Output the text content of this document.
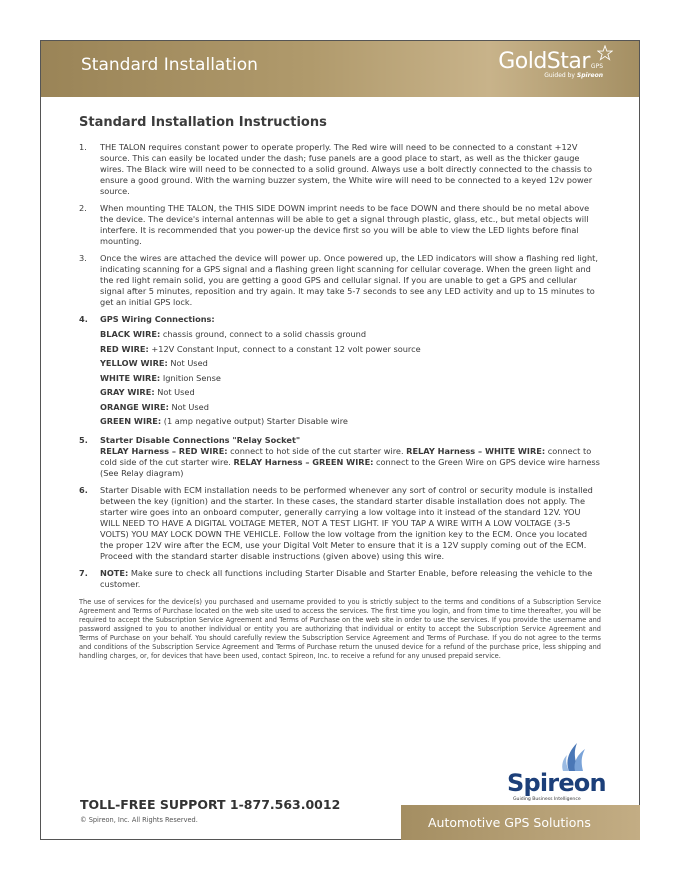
Standard Installation	GoldStarGPS
Guided by Spireon
Standard Installation Instructions
1. THE TALON requires constant power to operate properly. The Red wire will need to be connected to a constant +12V source. This can easily be located under the dash; fuse panels are a good place to start, as well as the thicker gauge wires. The Black wire will need to be connected to a solid ground. Always use a bolt directly connected to the chassis to ensure a good ground. With the warning buzzer system, the White wire will need to be connected to a keyed 12v power source.
2. When mounting THE TALON, the THIS SIDE DOWN imprint needs to be face DOWN and there should be no metal above the device. The device's internal antennas will be able to get a signal through plastic, glass, etc., but metal objects will interfere. It is recommended that you power-up the device first so you will be able to view the LED lights before final mounting.
3. Once the wires are attached the device will power up. Once powered up, the LED indicators will show a flashing red light, indicating scanning for a GPS signal and a flashing green light scanning for cellular coverage. When the green light and the red light remain solid, you are getting a good GPS and cellular signal. If you are unable to get a GPS and cellular signal after 5 minutes, reposition and try again. It may take 5-7 seconds to see any LED activity and up to 15 minutes to get an initial GPS lock.
4. GPS Wiring Connections:
BLACK WIRE: chassis ground, connect to a solid chassis ground
RED WIRE: +12V Constant Input, connect to a constant 12 volt power source
YELLOW WIRE: Not Used
WHITE WIRE: Ignition Sense
GRAY WIRE: Not Used
ORANGE WIRE: Not Used
GREEN WIRE: (1 amp negative output) Starter Disable wire
5. Starter Disable Connections "Relay Socket"
RELAY Harness – RED WIRE: connect to hot side of the cut starter wire. RELAY Harness – WHITE WIRE: connect to cold side of the cut starter wire. RELAY Harness – GREEN WIRE: connect to the Green Wire on GPS device wire harness (See Relay diagram)
6. Starter Disable with ECM installation needs to be performed whenever any sort of control or security module is installed between the key (ignition) and the starter. In these cases, the standard starter disable installation does not apply. The starter wire goes into an onboard computer, generally carrying a low voltage into it instead of the standard 12V. YOU WILL NEED TO HAVE A DIGITAL VOLTAGE METER, NOT A TEST LIGHT. IF YOU TAP A WIRE WITH A LOW VOLTAGE (3-5 VOLTS) YOU MAY LOCK DOWN THE VEHICLE. Follow the low voltage from the ignition key to the ECM. Once you located the proper 12V wire after the ECM, use your Digital Volt Meter to ensure that it is a 12V supply coming out of the ECM. Proceed with the standard starter disable instructions (given above) using this wire.
7. NOTE: Make sure to check all functions including Starter Disable and Starter Enable, before releasing the vehicle to the customer.
The use of services for the device(s) you purchased and username provided to you is strictly subject to the terms and conditions of a Subscription Service Agreement and Terms of Purchase located on the web site used to access the services. The first time you login, and from time to time thereafter, you will be required to accept the Subscription Service Agreement and Terms of Purchase on the web site in order to use the services. If you provide the username and password assigned to you to another individual or entity you are authorizing that individual or entity to accept the Subscription Service Agreement and Terms of Purchase on your behalf. You should carefully review the Subscription Service Agreement and Terms of Purchase. If you do not agree to the terms and conditions of the Subscription Service Agreement and Terms of Purchase return the unused device for a refund of the purchase price, less shipping and handling charges, or, for devices that have been used, contact Spireon, Inc. to receive a refund for any unused prepaid service.
Spireon
Guiding Business Intelligence
TOLL-FREE SUPPORT 1-877.563.0012
© Spireon, Inc. All Rights Reserved.	Automotive GPS Solutions
